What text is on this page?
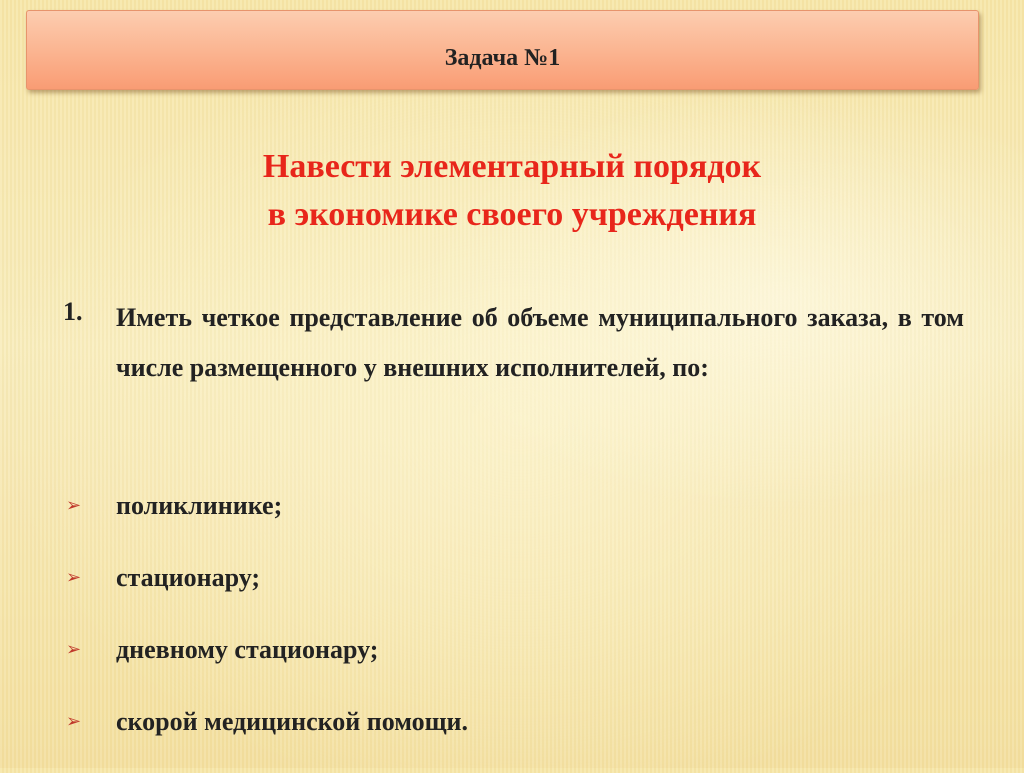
Задача №1
Навести элементарный порядок
в экономике своего учреждения
1. Иметь четкое представление об объеме муниципального заказа, в том числе размещенного у внешних исполнителей, по:

➢ поликлинике;
➢ стационару;
➢ дневному стационару;
➢ скорой медицинской помощи.
